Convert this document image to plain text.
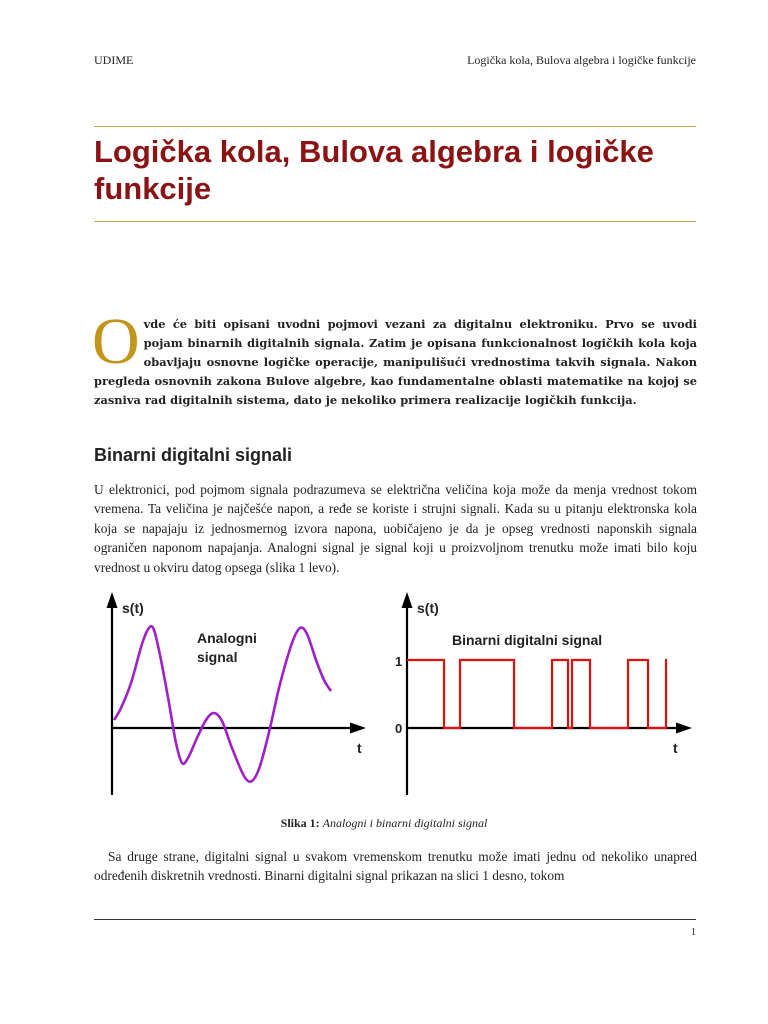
UDIME	Logička kola, Bulova algebra i logičke funkcije
Logička kola, Bulova algebra i logičke funkcije

Ovde će biti opisani uvodni pojmovi vezani za digitalnu elektroniku. Prvo se uvodi pojam binarnih digitalnih signala. Zatim je opisana funkcionalnost logičkih kola koja obavljaju osnovne logičke operacije, manipulišući vrednostima takvih signala. Nakon pregleda osnovnih zakona Bulove algebre, kao fundamentalne oblasti matematike na kojoj se zasniva rad digitalnih sistema, dato je nekoliko primera realizacije logičkih funkcija.

Binarni digitalni signali

U elektronici, pod pojmom signala podrazumeva se električna veličina koja može da menja vrednost tokom vremena. Ta veličina je najčešće napon, a ređe se koriste i strujni signali. Kada su u pitanju elektronska kola koja se napajaju iz jednosmernog izvora napona, uobičajeno je da je opseg vrednosti naponskih signala ograničen naponom napajanja. Analogni signal je signal koji u proizvoljnom trenutku može imati bilo koju vrednost u okviru datog opsega (slika 1 levo).

s(t)
t
Analogni
signal
s(t)
t
Binarni digitalni signal
1
0
Slika 1: Analogni i binarni digitalni signal

Sa druge strane, digitalni signal u svakom vremenskom trenutku može imati jednu od nekoliko unapred određenih diskretnih vrednosti. Binarni digitalni signal prikazan na slici 1 desno, tokom

1
